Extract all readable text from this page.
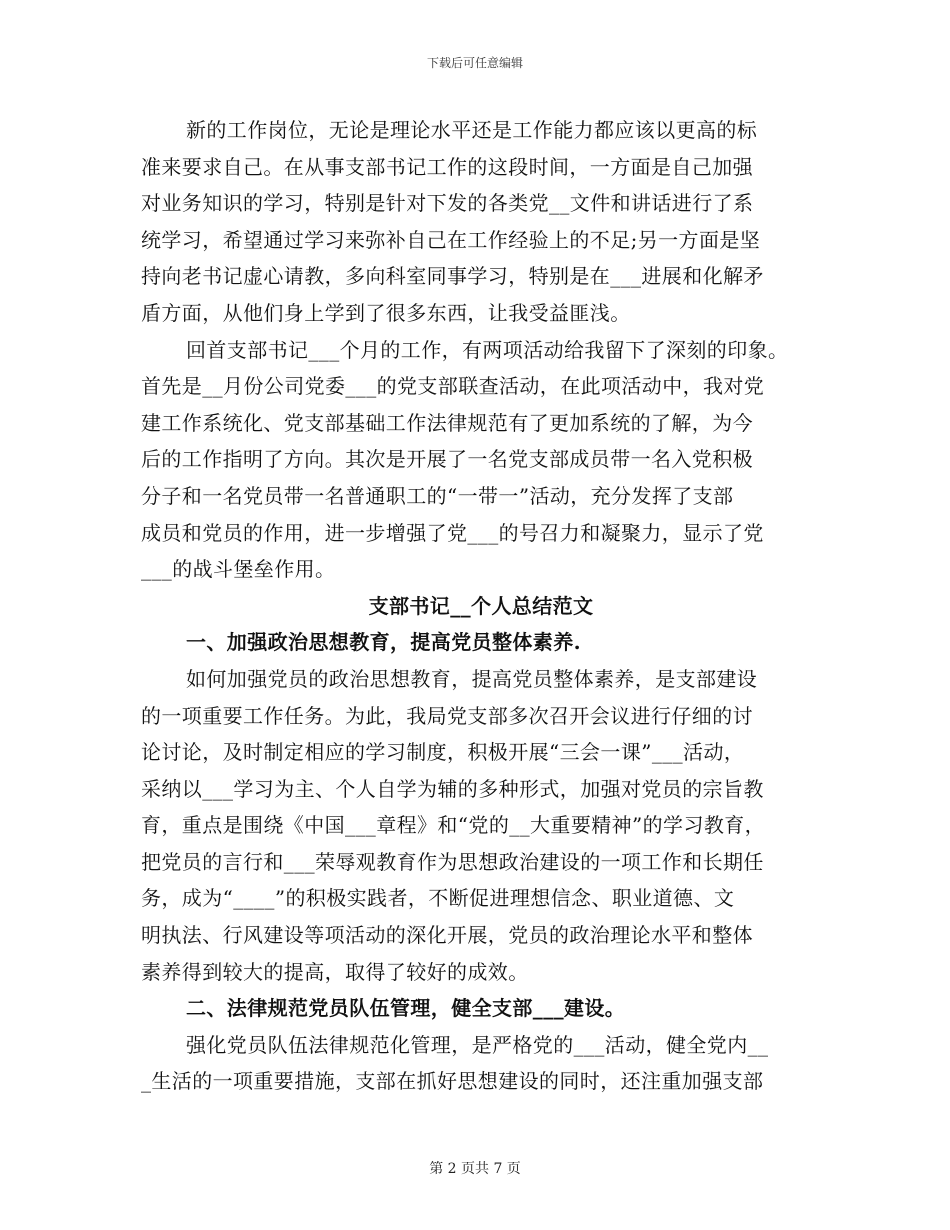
下载后可任意编辑
新的工作岗位，无论是理论水平还是工作能力都应该以更高的标
准来要求自己。在从事支部书记工作的这段时间，一方面是自己加强
对业务知识的学习，特别是针对下发的各类党__文件和讲话进行了系
统学习，希望通过学习来弥补自己在工作经验上的不足;另一方面是坚
持向老书记虚心请教，多向科室同事学习，特别是在___进展和化解矛
盾方面，从他们身上学到了很多东西，让我受益匪浅。
回首支部书记___个月的工作，有两项活动给我留下了深刻的印象。
首先是__月份公司党委___的党支部联查活动，在此项活动中，我对党
建工作系统化、党支部基础工作法律规范有了更加系统的了解，为今
后的工作指明了方向。其次是开展了一名党支部成员带一名入党积极
分子和一名党员带一名普通职工的“一带一”活动，充分发挥了支部
成员和党员的作用，进一步增强了党___的号召力和凝聚力，显示了党
___的战斗堡垒作用。
支部书记__个人总结范文
一、加强政治思想教育，提高党员整体素养.
如何加强党员的政治思想教育，提高党员整体素养，是支部建设
的一项重要工作任务。为此，我局党支部多次召开会议进行仔细的讨
论讨论，及时制定相应的学习制度，积极开展“三会一课”___活动，
采纳以___学习为主、个人自学为辅的多种形式，加强对党员的宗旨教
育，重点是围绕《中国___章程》和“党的__大重要精神”的学习教育，
把党员的言行和___荣辱观教育作为思想政治建设的一项工作和长期任
务，成为“____”的积极实践者，不断促进理想信念、职业道德、文
明执法、行风建设等项活动的深化开展，党员的政治理论水平和整体
素养得到较大的提高，取得了较好的成效。
二、法律规范党员队伍管理，健全支部___建设。
强化党员队伍法律规范化管理，是严格党的___活动，健全党内__
_生活的一项重要措施，支部在抓好思想建设的同时，还注重加强支部
第 2 页共 7 页
